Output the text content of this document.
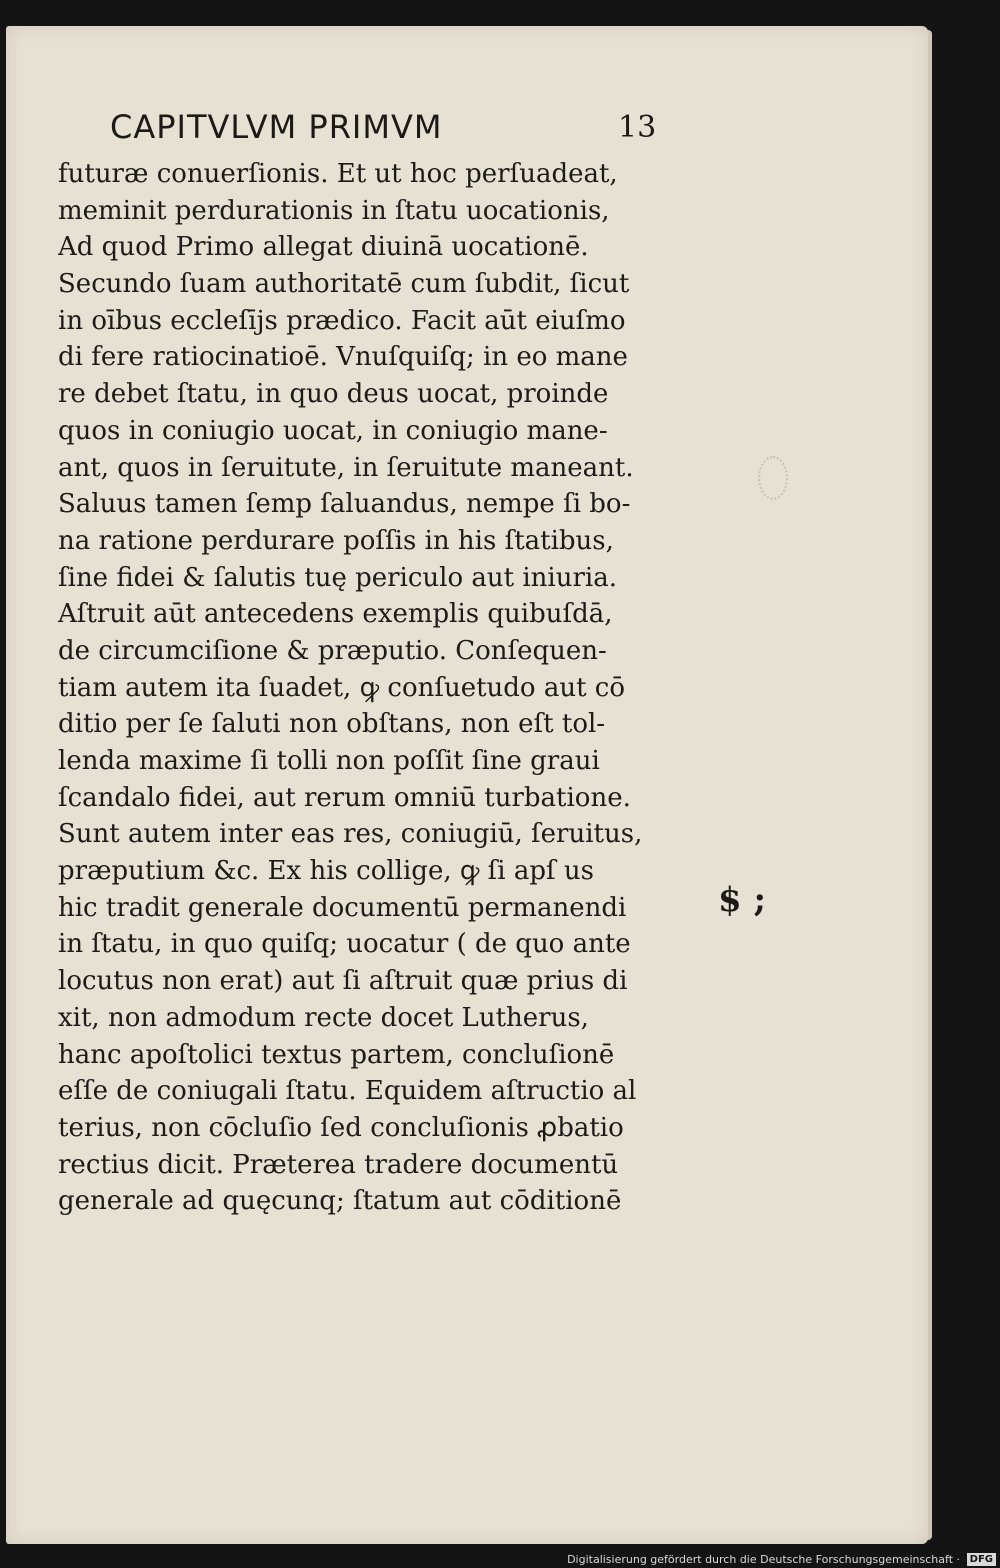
CAPITVLVM PRIMVM	13
futuræ conuerſionis. Et ut hoc perſuadeat,
meminit perdurationis in ſtatu uocationis,
Ad quod Primo allegat diuinā uocationē.
Secundo ſuam authoritatē cum ſubdit, ſicut
in oībus eccleſījs prædico. Facit aūt eiuſmo
di fere ratiocinatioē. Vnuſquiſq; in eo mane
re debet ſtatu, in quo deus uocat, proinde
quos in coniugio uocat, in coniugio mane-
ant, quos in ſeruitute, in ſeruitute maneant.
Saluus tamen ſemp ſaluandus, nempe ſi bo-
na ratione perdurare poſſis in his ſtatibus,
ſine fidei & ſalutis tuę periculo aut iniuria.
Aſtruit aūt antecedens exemplis quibuſdā,
de circumciſione & præputio. Conſequen-
tiam autem ita ſuadet, ꝙ conſuetudo aut cō
ditio per ſe ſaluti non obſtans, non eſt tol-
lenda maxime ſi tolli non poſſit ſine graui
ſcandalo fidei, aut rerum omniū turbatione.
Sunt autem inter eas res, coniugiū, ſeruitus,
præputium &c. Ex his collige, ꝙ ſi apſ us
hic tradit generale documentū permanendi
in ſtatu, in quo quiſq; uocatur ( de quo ante
locutus non erat) aut ſi aſtruit quæ prius di
xit, non admodum recte docet Lutherus,
hanc apoſtolici textus partem, concluſionē
eſſe de coniugali ſtatu. Equidem aſtructio al
terius, non cōcluſio ſed concluſionis ꝓbatio
rectius dicit. Præterea tradere documentū
generale ad quęcunq; ſtatum aut cōditionē
$ ;
Digitalisierung gefördert durch die Deutsche Forschungsgemeinschaft · DFG
